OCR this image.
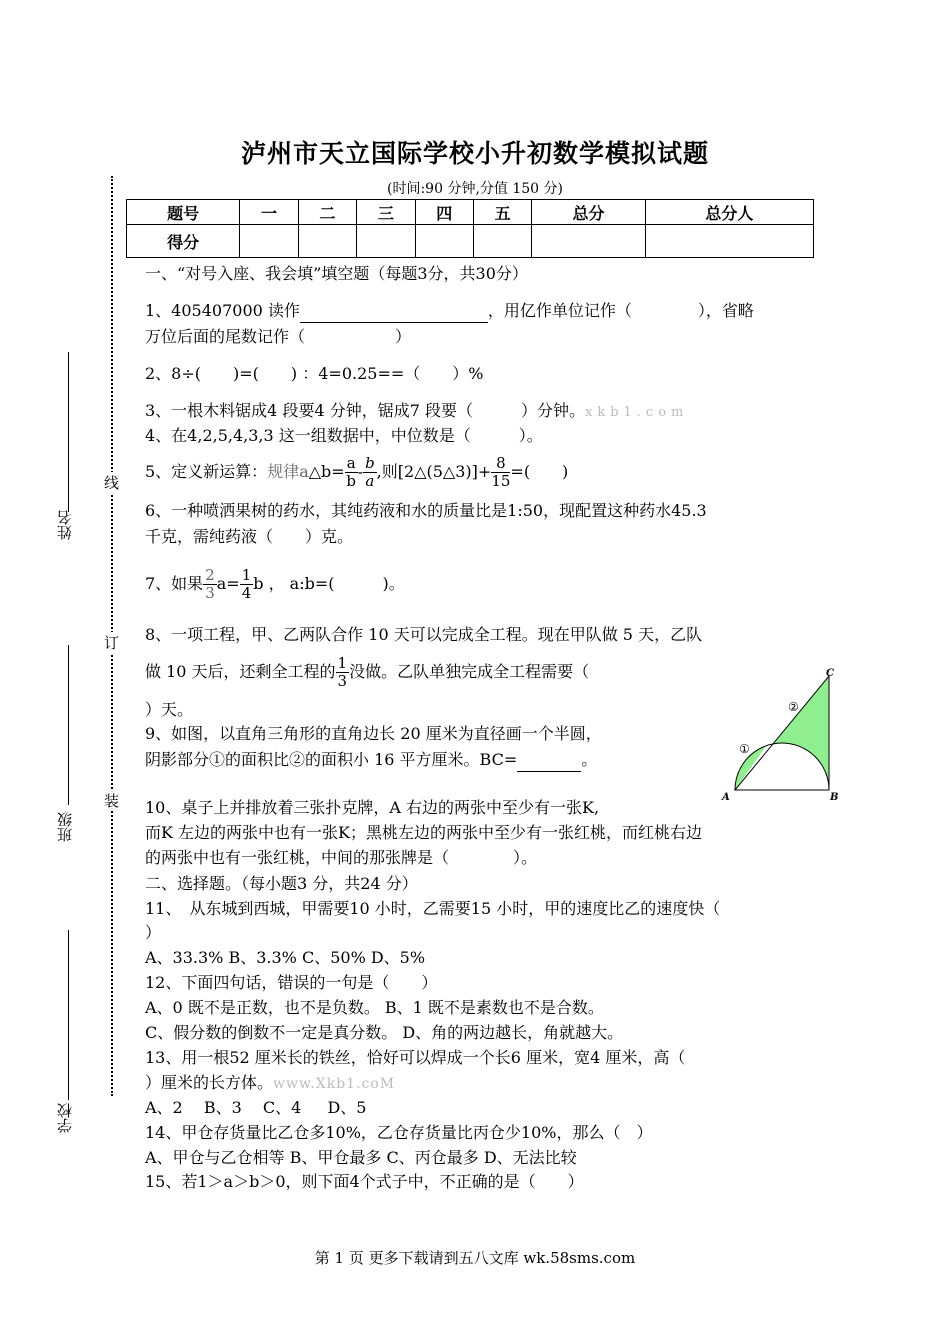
泸州市天立国际学校小升初数学模拟试题
(时间:90 分钟,分值 150 分)
姓名
班级
学校
线
订
装
题号	一	二	三	四	五	总分	总分人
得分							
一、“对号入座、我会填”填空题（每题3分，共30分）
1、405407000 读作	，用亿作单位记作（	），省略
万位后面的尾数记作（	）
2、8÷(　　)=(　　) ：4=0.25==（　　）%
3、一根木料锯成4 段要4 分钟，锯成7 段要（　　　）分钟。xkb1.com
4、在4,2,5,4,3,3 这一组数据中，中位数是（　　　）。
5、定义新运算：规律a△b= $\frac{a}{b} - \frac{b}{a}$ ,则[2△(5△3)]+ $\frac{8}{15}$ =(　　)
6、一种喷洒果树的药水，其纯药液和水的质量比是1:50，现配置这种药水45.3
千克，需纯药液（　　）克。
7、如果 $\frac{2}{3} a= \frac{1}{4}$ b ， a:b=(　　　)。
8、一项工程，甲、乙两队合作 10 天可以完成全工程。现在甲队做 5 天，乙队
做 10 天后，还剩全工程的 $\frac{1}{3}$ 没做。乙队单独完成全工程需要（
）天。
9、如图，以直角三角形的直角边长 20 厘米为直径画一个半圆，
阴影部分①的面积比②的面积小 16 平方厘米。BC=	。
C
A	B
①
②
10、桌子上并排放着三张扑克牌，A 右边的两张中至少有一张K,
而K 左边的两张中也有一张K；黑桃左边的两张中至少有一张红桃，而红桃右边
的两张中也有一张红桃，中间的那张牌是（　　　　）。
二、选择题。（每小题3 分，共24 分）
11、　从东城到西城，甲需要10 小时，乙需要15 小时，甲的速度比乙的速度快（
）
A、33.3% B、3.3% C、50% D、5%
12、下面四句话，错误的一句是（　　）
A、0 既不是正数，也不是负数。 B、1 既不是素数也不是合数。
C、假分数的倒数不一定是真分数。 D、角的两边越长，角就越大。
13、用一根52 厘米长的铁丝，恰好可以焊成一个长6 厘米，宽4 厘米，高（
）厘米的长方体。www.Xkb1.coM
A、2　 B、3 　C、4 　 D、5
14、甲仓存货量比乙仓多10%，乙仓存货量比丙仓少10%，那么（　）
A、甲仓与乙仓相等 B、甲仓最多 C、丙仓最多 D、无法比较
15、若1＞a＞b＞0，则下面4个式子中，不正确的是（　　）
第 1 页 更多下载请到五八文库 wk.58sms.com
